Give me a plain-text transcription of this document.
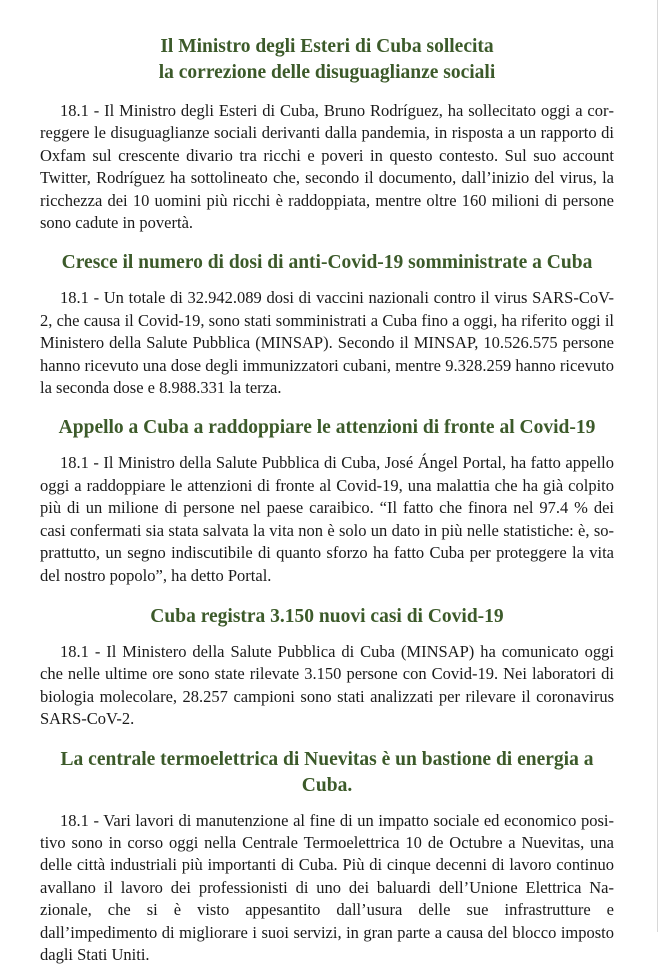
Il Ministro degli Esteri di Cuba sollecita
la correzione delle disuguaglianze sociali

18.1 - Il Ministro degli Esteri di Cuba, Bruno Rodríguez, ha sollecitato oggi a correggere le disuguaglianze sociali derivanti dalla pandemia, in risposta a un rapporto di Oxfam sul crescente divario tra ricchi e poveri in questo contesto. Sul suo account Twitter, Rodríguez ha sottolineato che, secondo il documento, dall’inizio del virus, la ricchezza dei 10 uomini più ricchi è raddoppiata, mentre oltre 160 milioni di persone sono cadute in povertà.

Cresce il numero di dosi di anti-Covid-19 somministrate a Cuba

18.1 - Un totale di 32.942.089 dosi di vaccini nazionali contro il virus SARS-CoV-2, che causa il Covid-19, sono stati somministrati a Cuba fino a oggi, ha riferito oggi il Ministero della Salute Pubblica (MINSAP). Secondo il MINSAP, 10.526.575 persone hanno ricevuto una dose degli immunizzatori cubani, mentre 9.328.259 hanno ricevuto la seconda dose e 8.988.331 la terza.

Appello a Cuba a raddoppiare le attenzioni di fronte al Covid-19

18.1 - Il Ministro della Salute Pubblica di Cuba, José Ángel Portal, ha fatto appello oggi a raddoppiare le attenzioni di fronte al Covid-19, una malattia che ha già colpito più di un milione di persone nel paese caraibico. “Il fatto che finora nel 97.4 % dei casi confermati sia stata salvata la vita non è solo un dato in più nelle statistiche: è, soprattutto, un segno indiscutibile di quanto sforzo ha fatto Cuba per proteggere la vita del nostro popolo”, ha detto Portal.

Cuba registra 3.150 nuovi casi di Covid-19

18.1 - Il Ministero della Salute Pubblica di Cuba (MINSAP) ha comunicato oggi che nelle ultime ore sono state rilevate 3.150 persone con Covid-19. Nei laboratori di biologia molecolare, 28.257 campioni sono stati analizzati per rilevare il coronavirus SARS-CoV-2.

La centrale termoelettrica di Nuevitas è un bastione di energia a Cuba.

18.1 - Vari lavori di manutenzione al fine di un impatto sociale ed economico positivo sono in corso oggi nella Centrale Termoelettrica 10 de Octubre a Nuevitas, una delle città industriali più importanti di Cuba. Più di cinque decenni di lavoro continuo avallano il lavoro dei professionisti di uno dei baluardi dell’Unione Elettrica Nazionale, che si è visto appesantito dall’usura delle sue infrastrutture e dall’impedimento di migliorare i suoi servizi, in gran parte a causa del blocco imposto dagli Stati Uniti.
